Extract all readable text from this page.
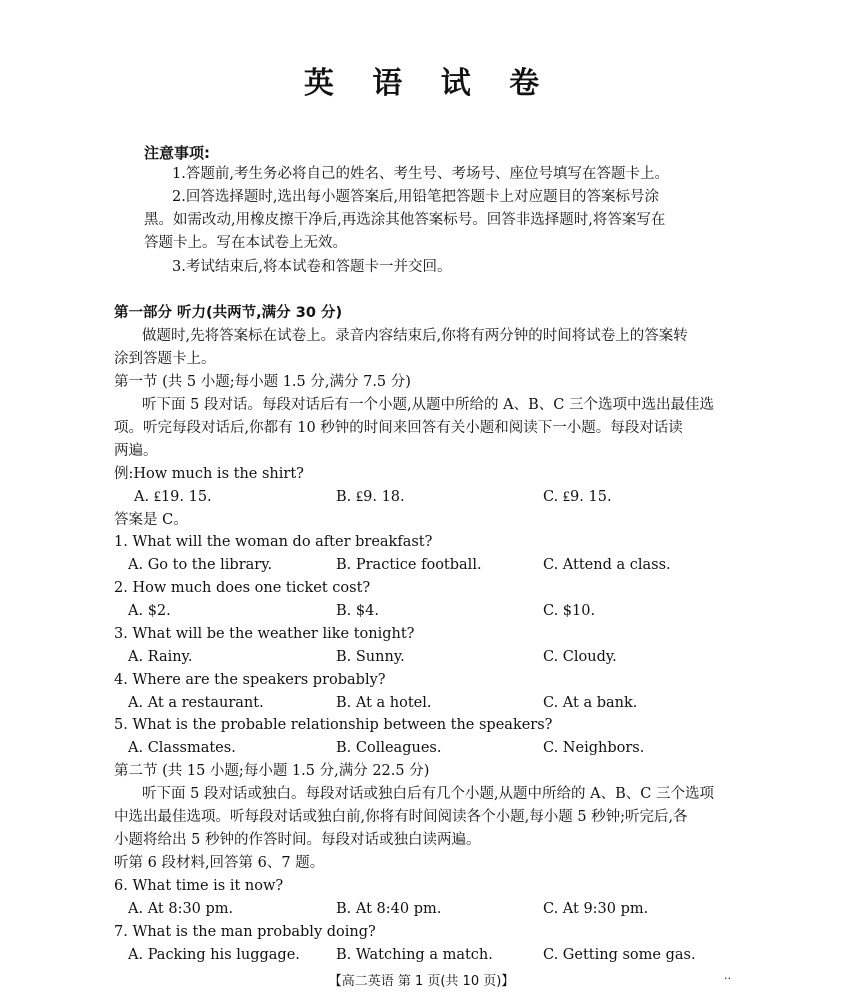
英 语 试 卷
注意事项:
1.答题前,考生务必将自己的姓名、考生号、考场号、座位号填写在答题卡上。
2.回答选择题时,选出每小题答案后,用铅笔把答题卡上对应题目的答案标号涂
黑。如需改动,用橡皮擦干净后,再选涂其他答案标号。回答非选择题时,将答案写在
答题卡上。写在本试卷上无效。
3.考试结束后,将本试卷和答题卡一并交回。
第一部分 听力(共两节,满分 30 分)
做题时,先将答案标在试卷上。录音内容结束后,你将有两分钟的时间将试卷上的答案转
涂到答题卡上。
第一节 (共 5 小题;每小题 1.5 分,满分 7.5 分)
听下面 5 段对话。每段对话后有一个小题,从题中所给的 A、B、C 三个选项中选出最佳选
项。听完每段对话后,你都有 10 秒钟的时间来回答有关小题和阅读下一小题。每段对话读
两遍。
例:How much is the shirt?
A. ₤19. 15.	B. ₤9. 18.	C. ₤9. 15.
答案是 C。
1. What will the woman do after breakfast?
A. Go to the library.	B. Practice football.	C. Attend a class.
2. How much does one ticket cost?
A. $2.	B. $4.	C. $10.
3. What will be the weather like tonight?
A. Rainy.	B. Sunny.	C. Cloudy.
4. Where are the speakers probably?
A. At a restaurant.	B. At a hotel.	C. At a bank.
5. What is the probable relationship between the speakers?
A. Classmates.	B. Colleagues.	C. Neighbors.
第二节 (共 15 小题;每小题 1.5 分,满分 22.5 分)
听下面 5 段对话或独白。每段对话或独白后有几个小题,从题中所给的 A、B、C 三个选项
中选出最佳选项。听每段对话或独白前,你将有时间阅读各个小题,每小题 5 秒钟;听完后,各
小题将给出 5 秒钟的作答时间。每段对话或独白读两遍。
听第 6 段材料,回答第 6、7 题。
6. What time is it now?
A. At 8:30 pm.	B. At 8:40 pm.	C. At 9:30 pm.
7. What is the man probably doing?
A. Packing his luggage. B. Watching a match.	C. Getting some gas.
【高二英语 第 1 页(共 10 页)】	··
